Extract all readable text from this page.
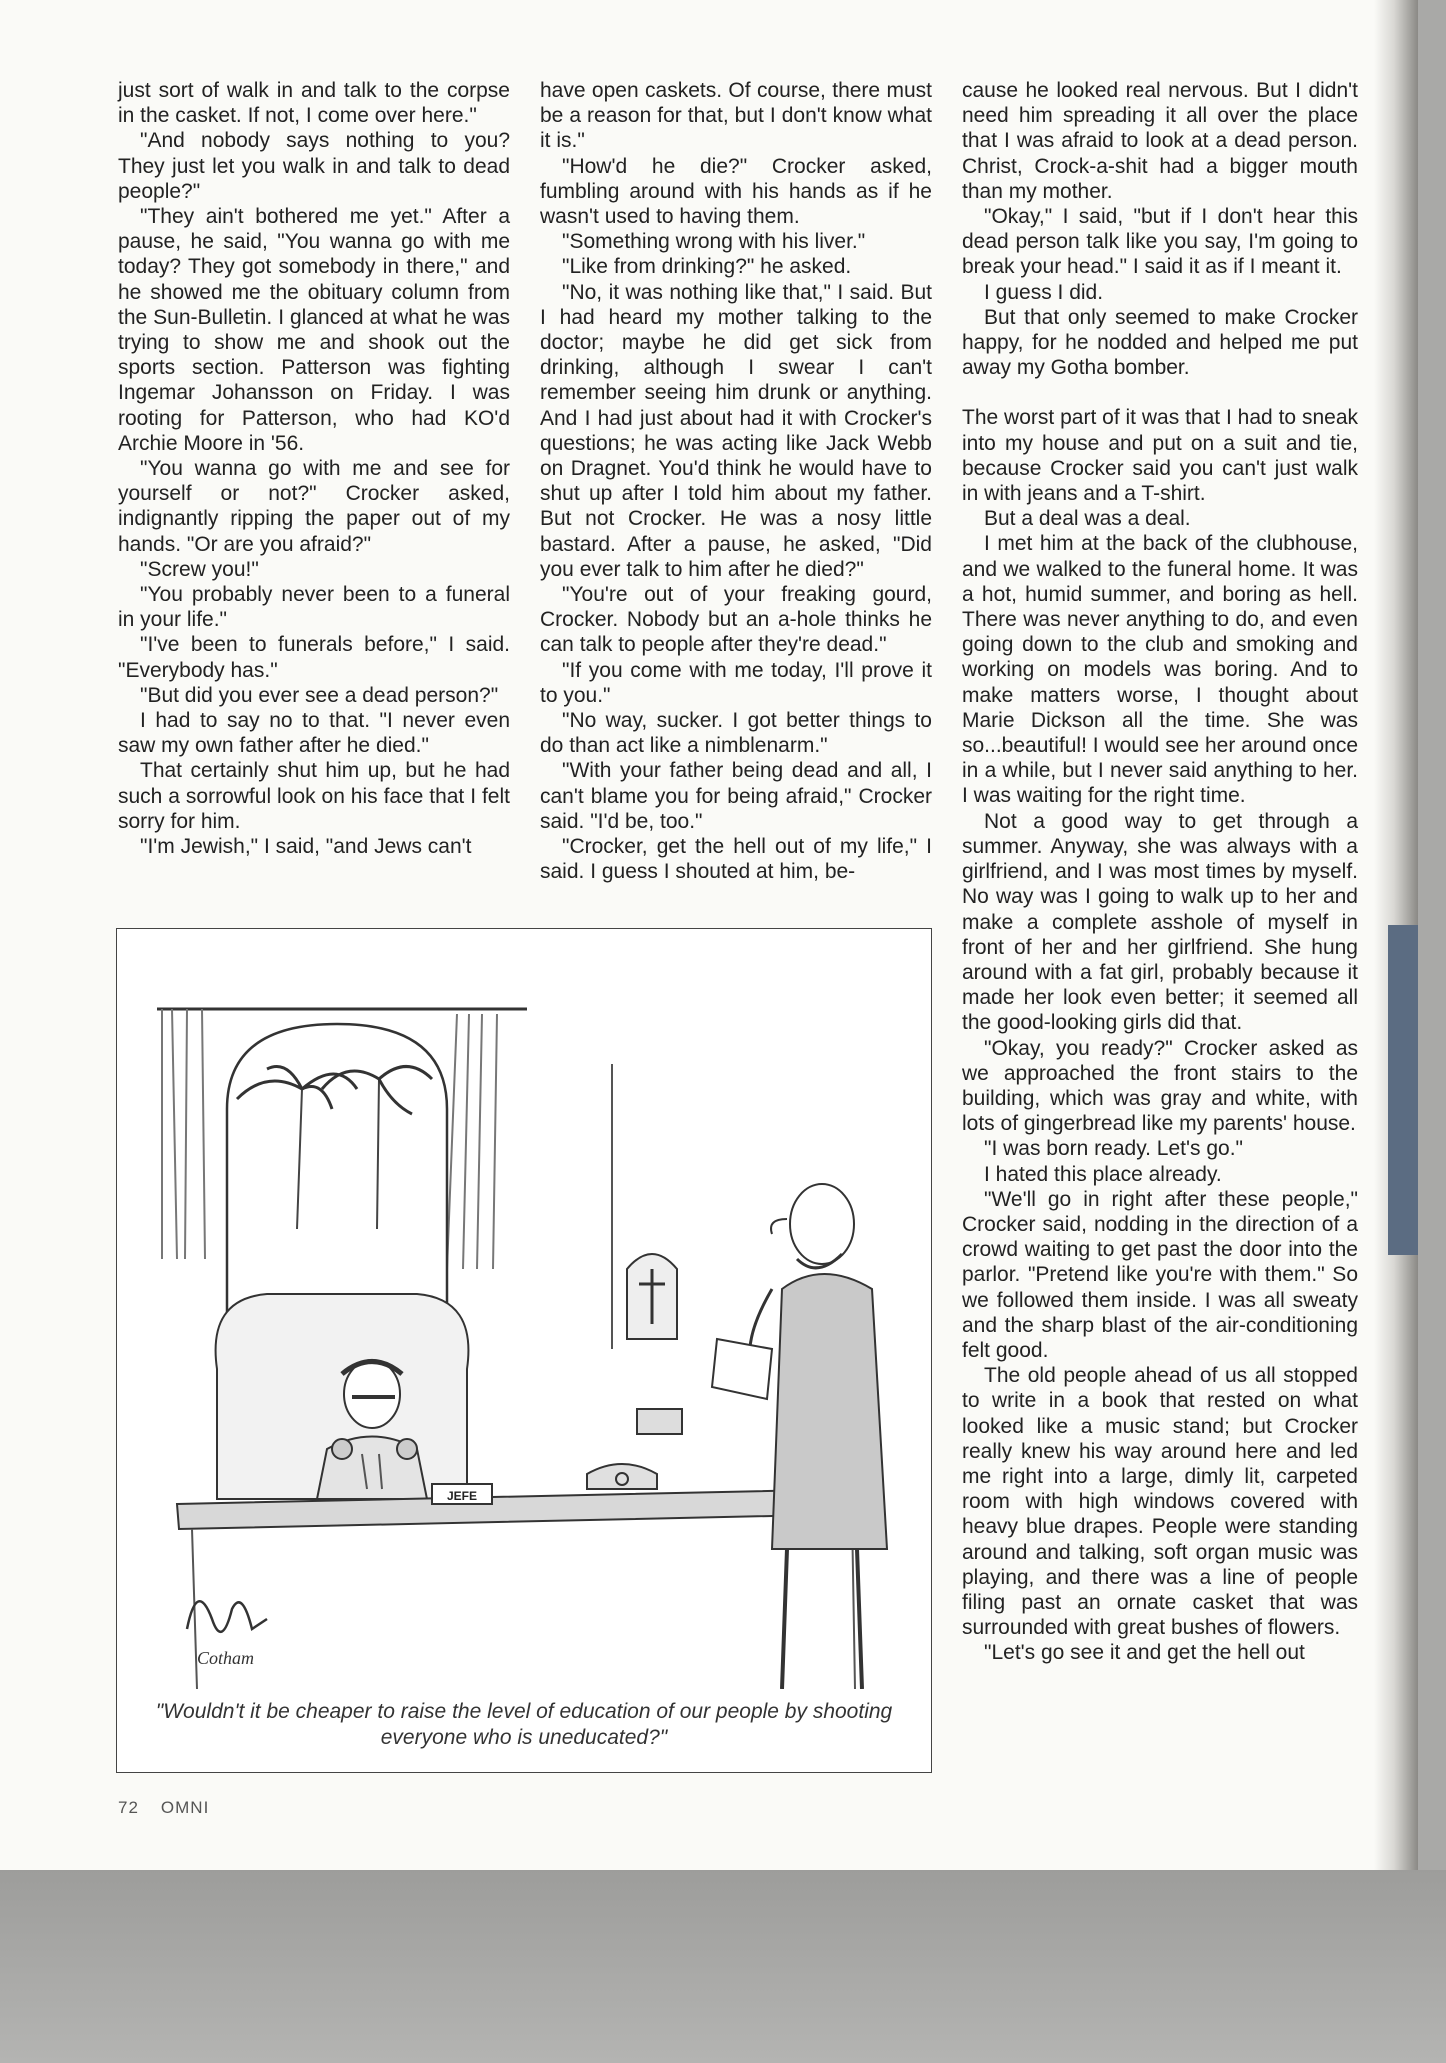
just sort of walk in and talk to the corpse in the casket. If not, I come over here."

"And nobody says nothing to you? They just let you walk in and talk to dead people?"

"They ain't bothered me yet." After a pause, he said, "You wanna go with me today? They got somebody in there," and he showed me the obituary column from the Sun-Bulletin. I glanced at what he was trying to show me and shook out the sports section. Patterson was fighting Ingemar Johansson on Friday. I was rooting for Patterson, who had KO'd Archie Moore in '56.

"You wanna go with me and see for yourself or not?" Crocker asked, indignantly ripping the paper out of my hands. "Or are you afraid?"

"Screw you!"

"You probably never been to a funeral in your life."

"I've been to funerals before," I said. "Everybody has."

"But did you ever see a dead person?"

I had to say no to that. "I never even saw my own father after he died."

That certainly shut him up, but he had such a sorrowful look on his face that I felt sorry for him.

"I'm Jewish," I said, "and Jews can't

have open caskets. Of course, there must be a reason for that, but I don't know what it is."

"How'd he die?" Crocker asked, fumbling around with his hands as if he wasn't used to having them.

"Something wrong with his liver."

"Like from drinking?" he asked.

"No, it was nothing like that," I said. But I had heard my mother talking to the doctor; maybe he did get sick from drinking, although I swear I can't remember seeing him drunk or anything. And I had just about had it with Crocker's questions; he was acting like Jack Webb on Dragnet. You'd think he would have to shut up after I told him about my father. But not Crocker. He was a nosy little bastard. After a pause, he asked, "Did you ever talk to him after he died?"

"You're out of your freaking gourd, Crocker. Nobody but an a-hole thinks he can talk to people after they're dead."

"If you come with me today, I'll prove it to you."

"No way, sucker. I got better things to do than act like a nimblenarm."

"With your father being dead and all, I can't blame you for being afraid," Crocker said. "I'd be, too."

"Crocker, get the hell out of my life," I said. I guess I shouted at him, be-

cause he looked real nervous. But I didn't need him spreading it all over the place that I was afraid to look at a dead person. Christ, Crock-a-shit had a bigger mouth than my mother.

"Okay," I said, "but if I don't hear this dead person talk like you say, I'm going to break your head." I said it as if I meant it.

I guess I did.

But that only seemed to make Crocker happy, for he nodded and helped me put away my Gotha bomber.

The worst part of it was that I had to sneak into my house and put on a suit and tie, because Crocker said you can't just walk in with jeans and a T-shirt.

But a deal was a deal.

I met him at the back of the clubhouse, and we walked to the funeral home. It was a hot, humid summer, and boring as hell. There was never anything to do, and even going down to the club and smoking and working on models was boring. And to make matters worse, I thought about Marie Dickson all the time. She was so...beautiful! I would see her around once in a while, but I never said anything to her. I was waiting for the right time.

Not a good way to get through a summer. Anyway, she was always with a girlfriend, and I was most times by myself. No way was I going to walk up to her and make a complete asshole of myself in front of her and her girlfriend. She hung around with a fat girl, probably because it made her look even better; it seemed all the good-looking girls did that.

"Okay, you ready?" Crocker asked as we approached the front stairs to the building, which was gray and white, with lots of gingerbread like my parents' house.

"I was born ready. Let's go."

I hated this place already.

"We'll go in right after these people," Crocker said, nodding in the direction of a crowd waiting to get past the door into the parlor. "Pretend like you're with them." So we followed them inside. I was all sweaty and the sharp blast of the air-conditioning felt good.

The old people ahead of us all stopped to write in a book that rested on what looked like a music stand; but Crocker really knew his way around here and led me right into a large, dimly lit, carpeted room with high windows covered with heavy blue drapes. People were standing around and talking, soft organ music was playing, and there was a line of people filing past an ornate casket that was surrounded with great bushes of flowers.

"Let's go see it and get the hell out

JEFE
Cotham
"Wouldn't it be cheaper to raise the level of education of our people by shooting everyone who is uneducated?"
72 OMNI
